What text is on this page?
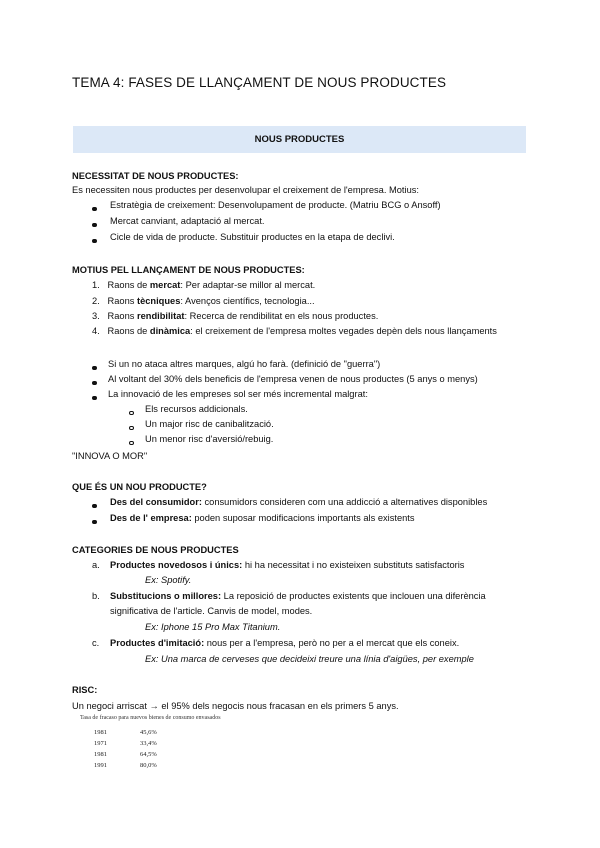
TEMA 4: FASES DE LLANÇAMENT DE NOUS PRODUCTES
NOUS PRODUCTES
NECESSITAT DE NOUS PRODUCTES:
Es necessiten nous productes per desenvolupar el creixement de l'empresa. Motius:
Estratègia de creixement: Desenvolupament de producte. (Matriu BCG o Ansoff)
Mercat canviant, adaptació al mercat.
Cicle de vida de producte. Substituir productes en la etapa de declivi.
MOTIUS PEL LLANÇAMENT DE NOUS PRODUCTES:
1. Raons de mercat: Per adaptar-se millor al mercat.
2. Raons tècniques: Avenços científics, tecnologia...
3. Raons rendibilitat: Recerca de rendibilitat en els nous productes.
4. Raons de dinàmica: el creixement de l'empresa moltes vegades depèn dels nous llançaments
Si un no ataca altres marques, algú ho farà. (definició de "guerra")
Al voltant del 30% dels beneficis de l'empresa venen de nous productes (5 anys o menys)
La innovació de les empreses sol ser més incremental malgrat:
Els recursos addicionals.
Un major risc de canibalització.
Un menor risc d'aversió/rebuig.
"INNOVA O MOR"
QUE ÉS UN NOU PRODUCTE?
Des del consumidor: consumidors consideren com una addicció a alternatives disponibles
Des de l' empresa: poden suposar modificacions importants als existents
CATEGORIES DE NOUS PRODUCTES
a. Productes novedosos i únics: hi ha necessitat i no existeixen substituts satisfactoris
Ex: Spotify.
b. Substitucions o millores: La reposició de productes existents que inclouen una diferència
significativa de l'article. Canvis de model, modes.
Ex: Iphone 15 Pro Max Titanium.
c. Productes d'imitació: nous per a l'empresa, però no per a el mercat que els coneix.
Ex: Una marca de cerveses que decideixi treure una línia d'aigües, per exemple
RISC:
Un negoci arriscat → el 95% dels negocis nous fracasan en els primers 5 anys.
Tasa de fracaso para nuevos bienes de consumo envasados
1981	45,6%
1971	33,4%
1981	64,5%
1991	80,0%
